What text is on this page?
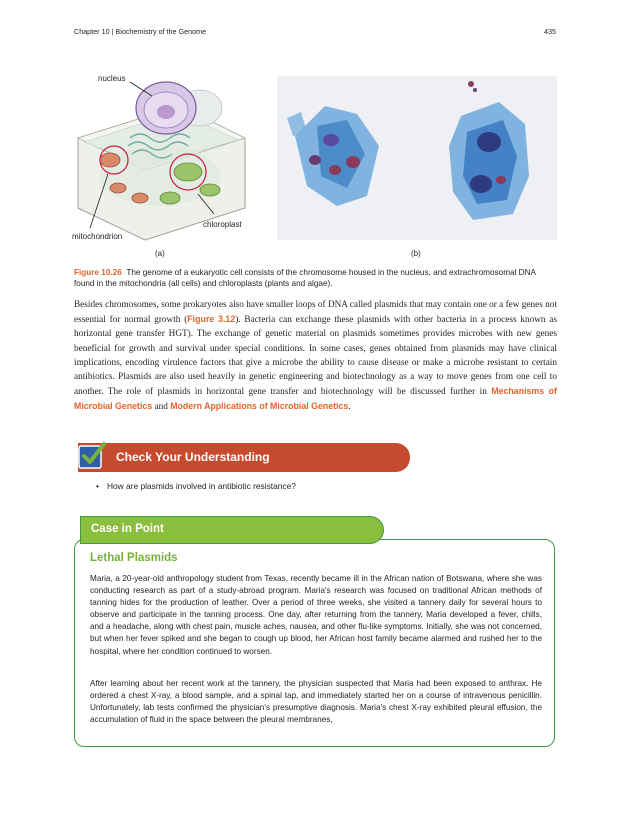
Chapter 10 | Biochemistry of the Genome	435
nucleus
chloroplast
mitochondrion
(a)	(b)
Figure 10.26 The genome of a eukaryotic cell consists of the chromosome housed in the nucleus, and extrachromosomal DNA found in the mitochondria (all cells) and chloroplasts (plants and algae).

Besides chromosomes, some prokaryotes also have smaller loops of DNA called plasmids that may contain one or a few genes not essential for normal growth (Figure 3.12). Bacteria can exchange these plasmids with other bacteria in a process known as horizontal gene transfer HGT). The exchange of genetic material on plasmids sometimes provides microbes with new genes beneficial for growth and survival under special conditions. In some cases, genes obtained from plasmids may have clinical implications, encoding virulence factors that give a microbe the ability to cause disease or make a microbe resistant to certain antibiotics. Plasmids are also used heavily in genetic engineering and biotechnology as a way to move genes from one cell to another. The role of plasmids in horizontal gene transfer and biotechnology will be discussed further in Mechanisms of Microbial Genetics and Modern Applications of Microbial Genetics.

Check Your Understanding
• How are plasmids involved in antibiotic resistance?
Case in Point
Lethal Plasmids

Maria, a 20-year-old anthropology student from Texas, recently became ill in the African nation of Botswana, where she was conducting research as part of a study-abroad program. Maria's research was focused on traditional African methods of tanning hides for the production of leather. Over a period of three weeks, she visited a tannery daily for several hours to observe and participate in the tanning process. One day, after returning from the tannery, Maria developed a fever, chills, and a headache, along with chest pain, muscle aches, nausea, and other flu-like symptoms. Initially, she was not concerned, but when her fever spiked and she began to cough up blood, her African host family became alarmed and rushed her to the hospital, where her condition continued to worsen.

After learning about her recent work at the tannery, the physician suspected that Maria had been exposed to anthrax. He ordered a chest X-ray, a blood sample, and a spinal tap, and immediately started her on a course of intravenous penicillin. Unfortunately, lab tests confirmed the physician's presumptive diagnosis. Maria's chest X-ray exhibited pleural effusion, the accumulation of fluid in the space between the pleural membranes,
